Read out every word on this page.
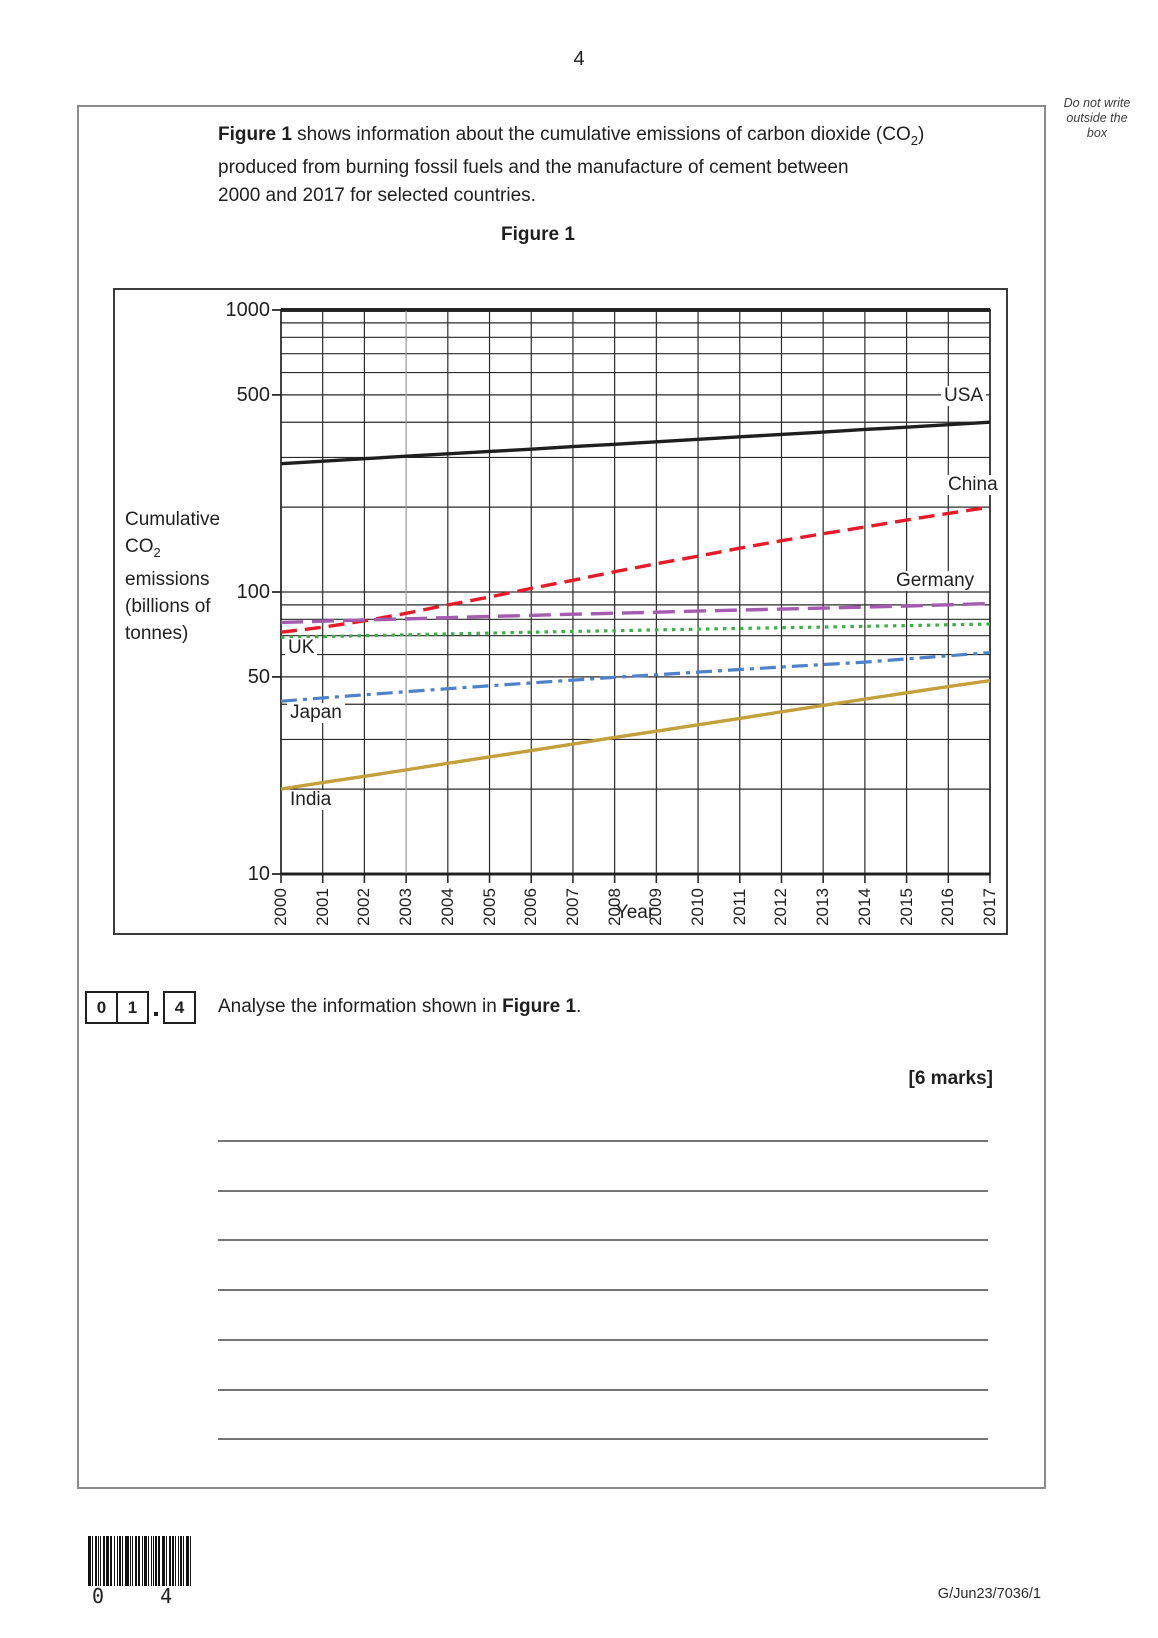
4
Do not write
outside the
box
Figure 1 shows information about the cumulative emissions of carbon dioxide $(CO_2)$
produced from burning fossil fuels and the manufacture of cement between
2000 and 2017 for selected countries.
Figure 1
Cumulative
$CO_2$
emissions
(billions of
tonnes)
1000
500
100
50
10
2000 2001 2002 2003 2004 2005 2006 2007 2008 2009 2010 2011 2012 2013 2014 2015 2016 2017
USA
China
Germany
UK
Japan
India
Year
0	1	4	Analyse the information shown in Figure 1.
[6 marks]
0 4	G/Jun23/7036/1
